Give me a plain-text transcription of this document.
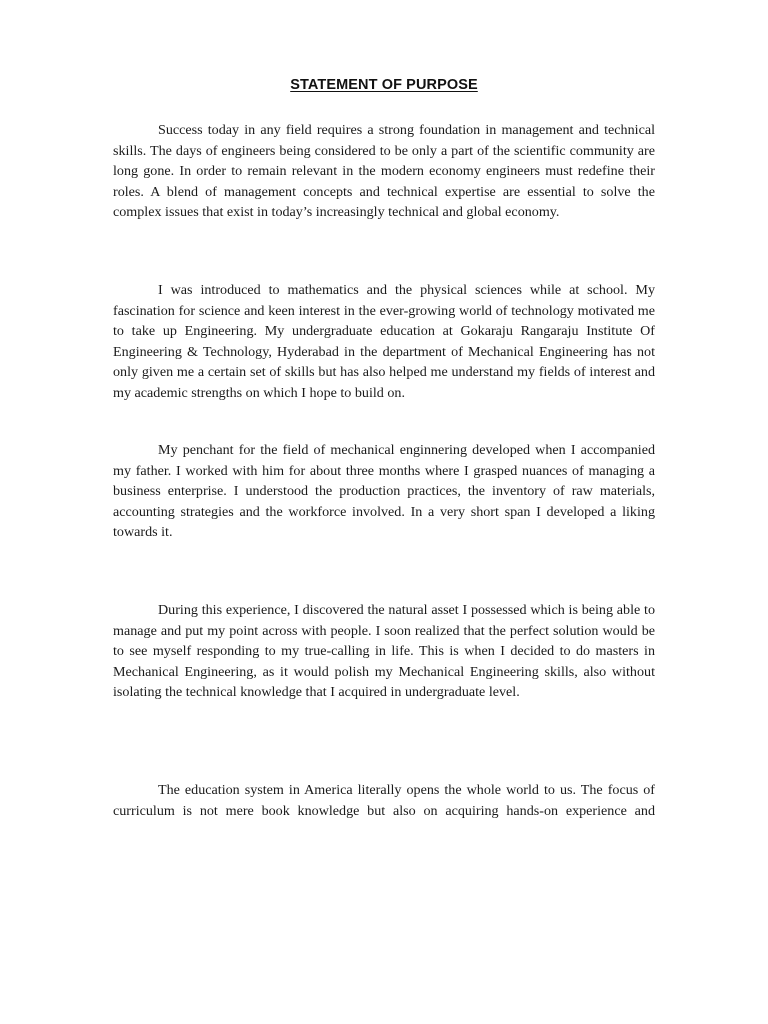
STATEMENT OF PURPOSE

Success today in any field requires a strong foundation in management and technical skills. The days of engineers being considered to be only a part of the scientific community are long gone. In order to remain relevant in the modern economy engineers must redefine their roles. A blend of management concepts and technical expertise are essential to solve the complex issues that exist in today’s increasingly technical and global economy.

I was introduced to mathematics and the physical sciences while at school. My fascination for science and keen interest in the ever-growing world of technology motivated me to take up Engineering. My undergraduate education at Gokaraju Rangaraju Institute Of Engineering & Technology, Hyderabad in the department of Mechanical Engineering has not only given me a certain set of skills but has also helped me understand my fields of interest and my academic strengths on which I hope to build on.

My penchant for the field of mechanical enginnering developed when I accompanied my father. I worked with him for about three months where I grasped nuances of managing a business enterprise. I understood the production practices, the inventory of raw materials, accounting strategies and the workforce involved. In a very short span I developed a liking towards it.

During this experience, I discovered the natural asset I possessed which is being able to manage and put my point across with people. I soon realized that the perfect solution would be to see myself responding to my true-calling in life. This is when I decided to do masters in Mechanical Engineering, as it would polish my Mechanical Engineering skills, also without isolating the technical knowledge that I acquired in undergraduate level.

The education system in America literally opens the whole world to us. The focus of curriculum is not mere book knowledge but also on acquiring hands-on experience and
